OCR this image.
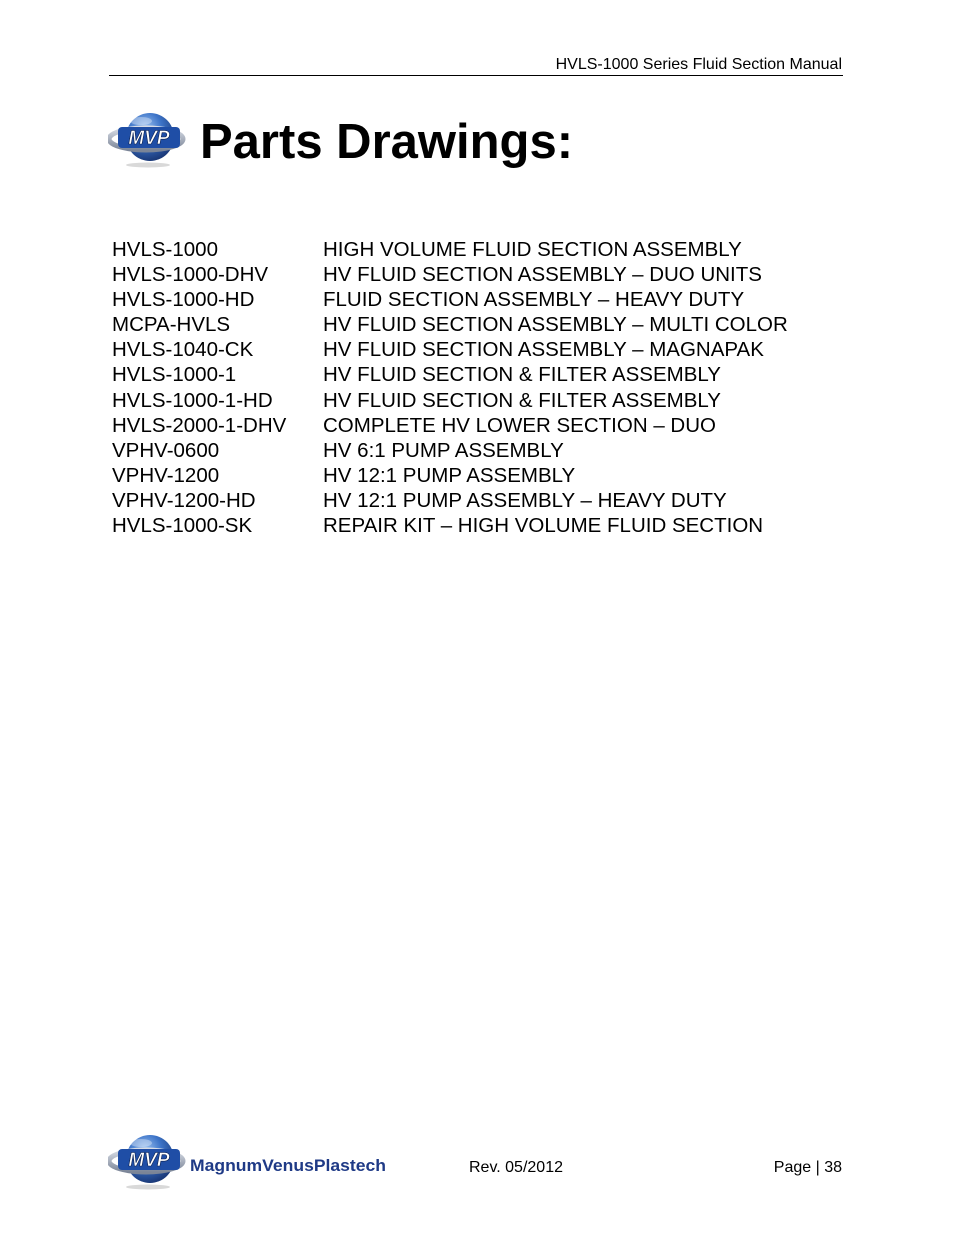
HVLS-1000 Series Fluid Section Manual
MVP Parts Drawings:
HVLS-1000	HIGH VOLUME FLUID SECTION ASSEMBLY
HVLS-1000-DHV	HV FLUID SECTION ASSEMBLY – DUO UNITS
HVLS-1000-HD	FLUID SECTION ASSEMBLY – HEAVY DUTY
MCPA-HVLS	HV FLUID SECTION ASSEMBLY – MULTI COLOR
HVLS-1040-CK	HV FLUID SECTION ASSEMBLY – MAGNAPAK
HVLS-1000-1	HV FLUID SECTION & FILTER ASSEMBLY
HVLS-1000-1-HD HV FLUID SECTION & FILTER ASSEMBLY
HVLS-2000-1-DHV COMPLETE HV LOWER SECTION – DUO
VPHV-0600	HV 6:1 PUMP ASSEMBLY
VPHV-1200	HV 12:1 PUMP ASSEMBLY
VPHV-1200-HD	HV 12:1 PUMP ASSEMBLY – HEAVY DUTY
HVLS-1000-SK	REPAIR KIT – HIGH VOLUME FLUID SECTION
MVP MagnumVenusPlastech	Rev. 05/2012	Page | 38
